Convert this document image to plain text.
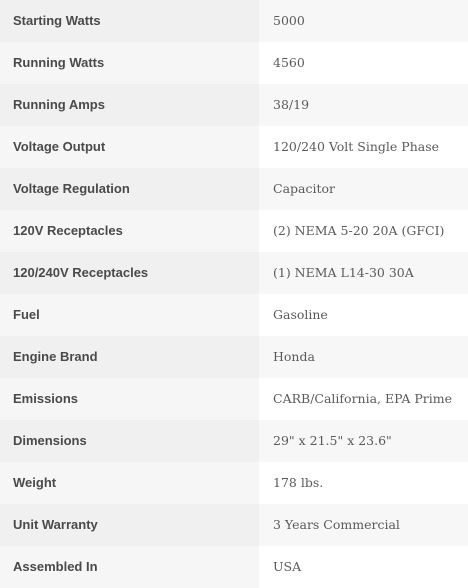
Starting Watts	5000
Running Watts	4560
Running Amps	38/19
Voltage Output	120/240 Volt Single Phase
Voltage Regulation	Capacitor
120V Receptacles	(2) NEMA 5-20 20A (GFCI)
120/240V Receptacles	(1) NEMA L14-30 30A
Fuel	Gasoline
Engine Brand	Honda
Emissions	CARB/California, EPA Prime
Dimensions	29" x 21.5" x 23.6"
Weight	178 lbs.
Unit Warranty	3 Years Commercial
Assembled In	USA
